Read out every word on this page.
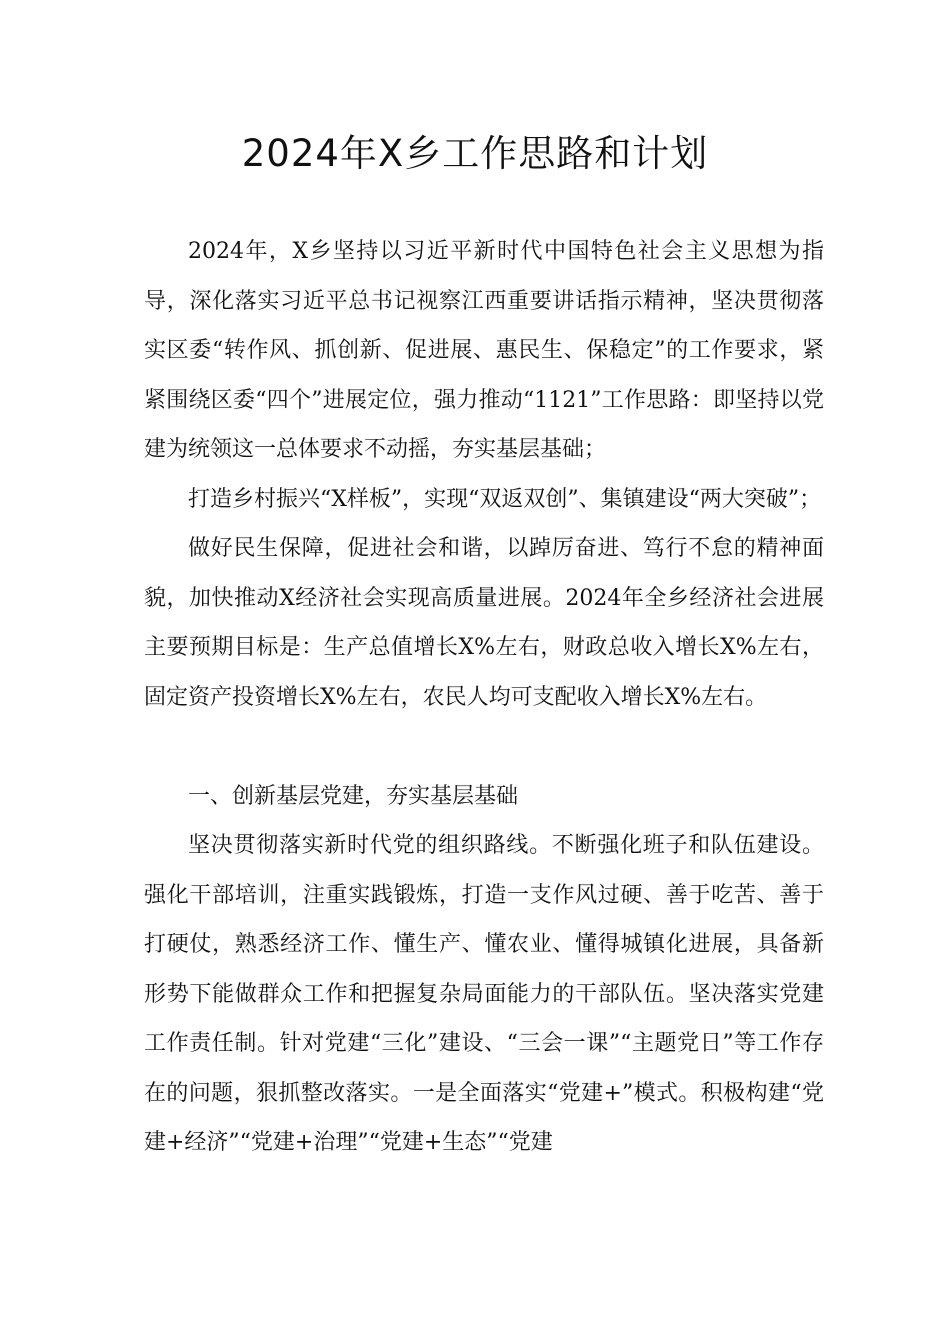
2024年X乡工作思路和计划

2024年，X乡坚持以习近平新时代中国特色社会主义思想为指导，深化落实习近平总书记视察江西重要讲话指示精神，坚决贯彻落实区委“转作风、抓创新、促进展、惠民生、保稳定”的工作要求，紧紧围绕区委“四个”进展定位，强力推动“1121”工作思路：即坚持以党建为统领这一总体要求不动摇，夯实基层基础；

打造乡村振兴“X样板”，实现“双返双创”、集镇建设“两大突破”；

做好民生保障，促进社会和谐，以踔厉奋进、笃行不怠的精神面貌，加快推动X经济社会实现高质量进展。2024年全乡经济社会进展主要预期目标是：生产总值增长X%左右，财政总收入增长X%左右，固定资产投资增长X%左右，农民人均可支配收入增长X%左右。

一、创新基层党建，夯实基层基础

坚决贯彻落实新时代党的组织路线。不断强化班子和队伍建设。强化干部培训，注重实践锻炼，打造一支作风过硬、善于吃苦、善于打硬仗，熟悉经济工作、懂生产、懂农业、懂得城镇化进展，具备新形势下能做群众工作和把握复杂局面能力的干部队伍。坚决落实党建工作责任制。针对党建“三化”建设、“三会一课”“主题党日”等工作存在的问题，狠抓整改落实。一是全面落实“党建+”模式。积极构建“党建+经济”“党建+治理”“党建+生态”“党建
